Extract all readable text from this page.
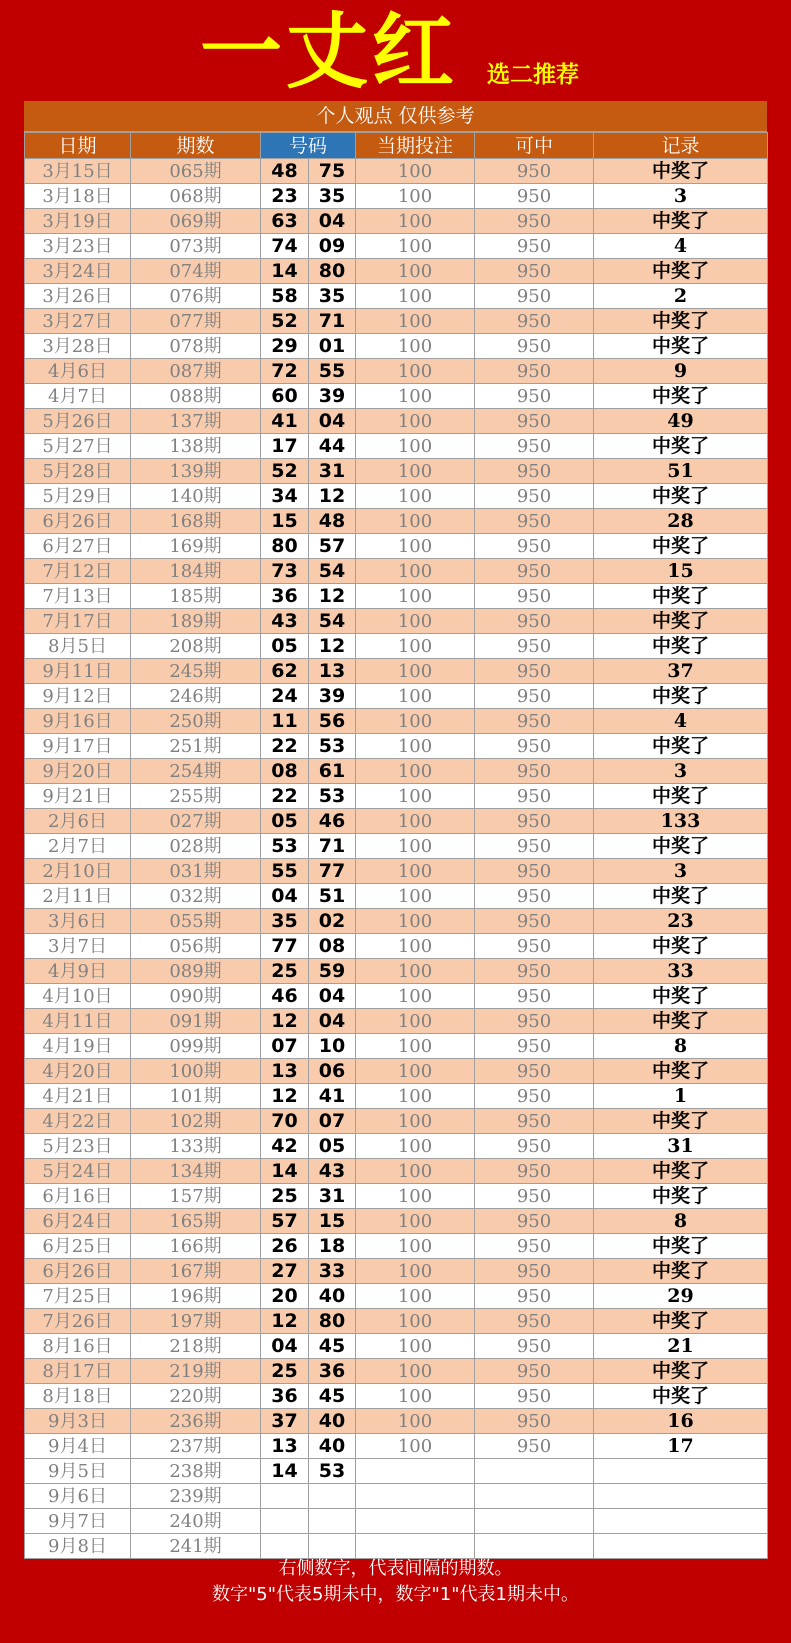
一丈红 选二推荐
个人观点 仅供参考
日期	期数	号码		当期投注	可中	记录
3月15日	065期	48	75	100	950	中奖了
3月18日	068期	23	35	100	950	3
3月19日	069期	63	04	100	950	中奖了
3月23日	073期	74	09	100	950	4
3月24日	074期	14	80	100	950	中奖了
3月26日	076期	58	35	100	950	2
3月27日	077期	52	71	100	950	中奖了
3月28日	078期	29	01	100	950	中奖了
4月6日	087期	72	55	100	950	9
4月7日	088期	60	39	100	950	中奖了
5月26日	137期	41	04	100	950	49
5月27日	138期	17	44	100	950	中奖了
5月28日	139期	52	31	100	950	51
5月29日	140期	34	12	100	950	中奖了
6月26日	168期	15	48	100	950	28
6月27日	169期	80	57	100	950	中奖了
7月12日	184期	73	54	100	950	15
7月13日	185期	36	12	100	950	中奖了
7月17日	189期	43	54	100	950	中奖了
8月5日	208期	05	12	100	950	中奖了
9月11日	245期	62	13	100	950	37
9月12日	246期	24	39	100	950	中奖了
9月16日	250期	11	56	100	950	4
9月17日	251期	22	53	100	950	中奖了
9月20日	254期	08	61	100	950	3
9月21日	255期	22	53	100	950	中奖了
2月6日	027期	05	46	100	950	133
2月7日	028期	53	71	100	950	中奖了
2月10日	031期	55	77	100	950	3
2月11日	032期	04	51	100	950	中奖了
3月6日	055期	35	02	100	950	23
3月7日	056期	77	08	100	950	中奖了
4月9日	089期	25	59	100	950	33
4月10日	090期	46	04	100	950	中奖了
4月11日	091期	12	04	100	950	中奖了
4月19日	099期	07	10	100	950	8
4月20日	100期	13	06	100	950	中奖了
4月21日	101期	12	41	100	950	1
4月22日	102期	70	07	100	950	中奖了
5月23日	133期	42	05	100	950	31
5月24日	134期	14	43	100	950	中奖了
6月16日	157期	25	31	100	950	中奖了
6月24日	165期	57	15	100	950	8
6月25日	166期	26	18	100	950	中奖了
6月26日	167期	27	33	100	950	中奖了
7月25日	196期	20	40	100	950	29
7月26日	197期	12	80	100	950	中奖了
8月16日	218期	04	45	100	950	21
8月17日	219期	25	36	100	950	中奖了
8月18日	220期	36	45	100	950	中奖了
9月3日	236期	37	40	100	950	16
9月4日	237期	13	40	100	950	17
9月5日	238期	14	53			
9月6日	239期					
9月7日	240期					
9月8日	241期					
右侧数字，代表间隔的期数。
数字"5"代表5期未中，数字"1"代表1期未中。
